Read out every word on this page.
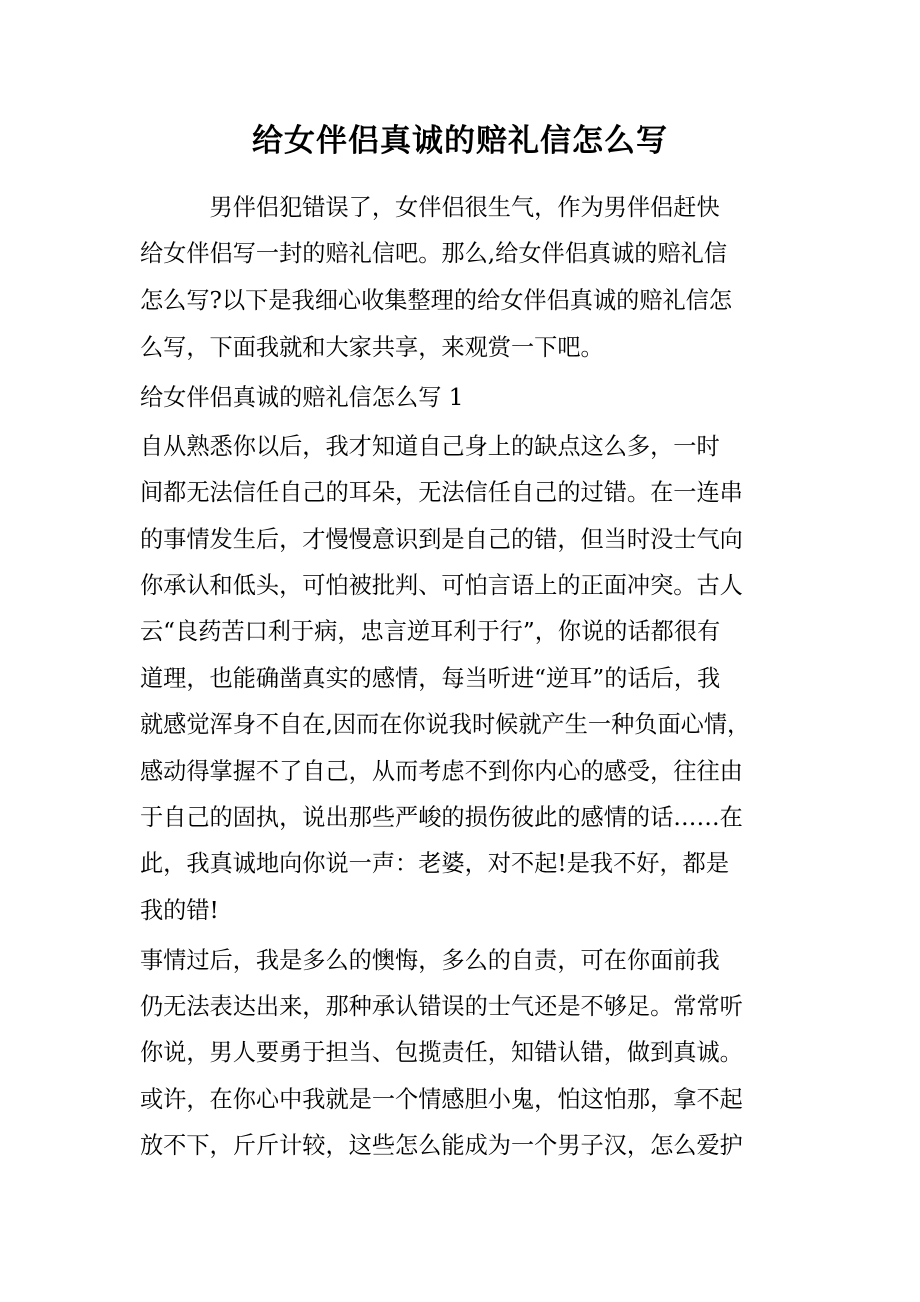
给女伴侣真诚的赔礼信怎么写

　　　男伴侣犯错误了，女伴侣很生气，作为男伴侣赶快

给女伴侣写一封的赔礼信吧。那么,给女伴侣真诚的赔礼信

怎么写?以下是我细心收集整理的给女伴侣真诚的赔礼信怎

么写，下面我就和大家共享，来观赏一下吧。

给女伴侣真诚的赔礼信怎么写 1

自从熟悉你以后，我才知道自己身上的缺点这么多，一时

间都无法信任自己的耳朵，无法信任自己的过错。在一连串

的事情发生后，才慢慢意识到是自己的错，但当时没士气向

你承认和低头，可怕被批判、可怕言语上的正面冲突。古人

云“良药苦口利于病，忠言逆耳利于行”，你说的话都很有

道理，也能确凿真实的感情，每当听进“逆耳”的话后，我

就感觉浑身不自在,因而在你说我时候就产生一种负面心情，

感动得掌握不了自己，从而考虑不到你内心的感受，往往由

于自己的固执，说出那些严峻的损伤彼此的感情的话……在

此，我真诚地向你说一声：老婆，对不起!是我不好，都是

我的错!

事情过后，我是多么的懊悔，多么的自责，可在你面前我

仍无法表达出来，那种承认错误的士气还是不够足。常常听

你说，男人要勇于担当、包揽责任，知错认错，做到真诚。

或许，在你心中我就是一个情感胆小鬼，怕这怕那，拿不起

放不下，斤斤计较，这些怎么能成为一个男子汉，怎么爱护
